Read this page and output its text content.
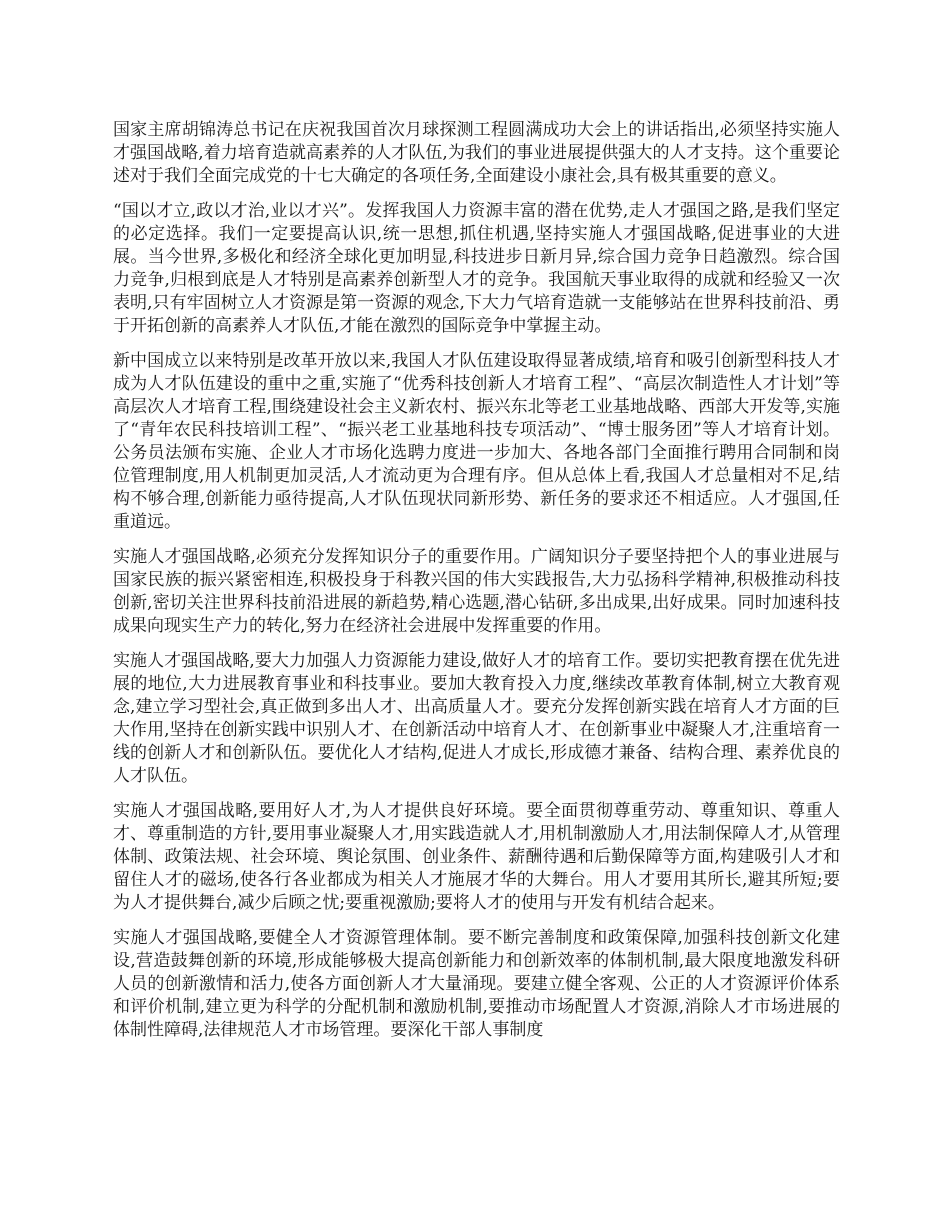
国家主席胡锦涛总书记在庆祝我国首次月球探测工程圆满成功大会上的讲话指出,必须坚持实施人才强国战略,着力培育造就高素养的人才队伍,为我们的事业进展提供强大的人才支持。这个重要论述对于我们全面完成党的十七大确定的各项任务,全面建设小康社会,具有极其重要的意义。

“国以才立,政以才治,业以才兴”。发挥我国人力资源丰富的潜在优势,走人才强国之路,是我们坚定的必定选择。我们一定要提高认识,统一思想,抓住机遇,坚持实施人才强国战略,促进事业的大进展。当今世界,多极化和经济全球化更加明显,科技进步日新月异,综合国力竞争日趋激烈。综合国力竞争,归根到底是人才特别是高素养创新型人才的竞争。我国航天事业取得的成就和经验又一次表明,只有牢固树立人才资源是第一资源的观念,下大力气培育造就一支能够站在世界科技前沿、勇于开拓创新的高素养人才队伍,才能在激烈的国际竞争中掌握主动。

新中国成立以来特别是改革开放以来,我国人才队伍建设取得显著成绩,培育和吸引创新型科技人才成为人才队伍建设的重中之重,实施了“优秀科技创新人才培育工程”、“高层次制造性人才计划”等高层次人才培育工程,围绕建设社会主义新农村、振兴东北等老工业基地战略、西部大开发等,实施了“青年农民科技培训工程”、“振兴老工业基地科技专项活动”、“博士服务团”等人才培育计划。公务员法颁布实施、企业人才市场化选聘力度进一步加大、各地各部门全面推行聘用合同制和岗位管理制度,用人机制更加灵活,人才流动更为合理有序。但从总体上看,我国人才总量相对不足,结构不够合理,创新能力亟待提高,人才队伍现状同新形势、新任务的要求还不相适应。人才强国,任重道远。

实施人才强国战略,必须充分发挥知识分子的重要作用。广阔知识分子要坚持把个人的事业进展与国家民族的振兴紧密相连,积极投身于科教兴国的伟大实践报告,大力弘扬科学精神,积极推动科技创新,密切关注世界科技前沿进展的新趋势,精心选题,潜心钻研,多出成果,出好成果。同时加速科技成果向现实生产力的转化,努力在经济社会进展中发挥重要的作用。

实施人才强国战略,要大力加强人力资源能力建设,做好人才的培育工作。要切实把教育摆在优先进展的地位,大力进展教育事业和科技事业。要加大教育投入力度,继续改革教育体制,树立大教育观念,建立学习型社会,真正做到多出人才、出高质量人才。要充分发挥创新实践在培育人才方面的巨大作用,坚持在创新实践中识别人才、在创新活动中培育人才、在创新事业中凝聚人才,注重培育一线的创新人才和创新队伍。要优化人才结构,促进人才成长,形成德才兼备、结构合理、素养优良的人才队伍。

实施人才强国战略,要用好人才,为人才提供良好环境。要全面贯彻尊重劳动、尊重知识、尊重人才、尊重制造的方针,要用事业凝聚人才,用实践造就人才,用机制激励人才,用法制保障人才,从管理体制、政策法规、社会环境、舆论氛围、创业条件、薪酬待遇和后勤保障等方面,构建吸引人才和留住人才的磁场,使各行各业都成为相关人才施展才华的大舞台。用人才要用其所长,避其所短;要为人才提供舞台,减少后顾之忧;要重视激励;要将人才的使用与开发有机结合起来。

实施人才强国战略,要健全人才资源管理体制。要不断完善制度和政策保障,加强科技创新文化建设,营造鼓舞创新的环境,形成能够极大提高创新能力和创新效率的体制机制,最大限度地激发科研人员的创新激情和活力,使各方面创新人才大量涌现。要建立健全客观、公正的人才资源评价体系和评价机制,建立更为科学的分配机制和激励机制,要推动市场配置人才资源,消除人才市场进展的体制性障碍,法律规范人才市场管理。要深化干部人事制度
